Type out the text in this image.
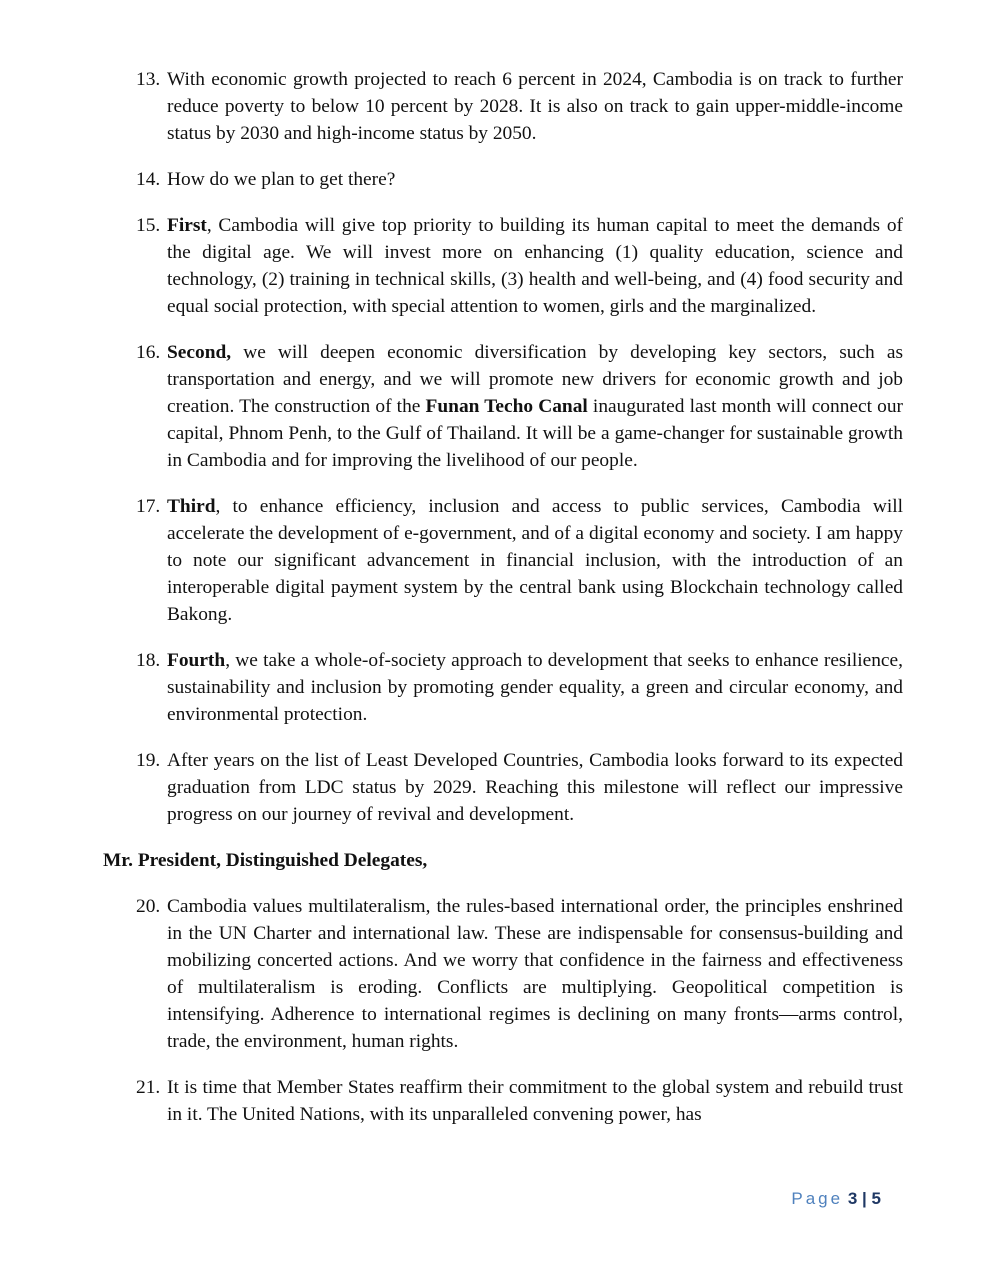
13. With economic growth projected to reach 6 percent in 2024, Cambodia is on track to further reduce poverty to below 10 percent by 2028. It is also on track to gain upper-middle-income status by 2030 and high-income status by 2050.
14. How do we plan to get there?
15. First, Cambodia will give top priority to building its human capital to meet the demands of the digital age. We will invest more on enhancing (1) quality education, science and technology, (2) training in technical skills, (3) health and well-being, and (4) food security and equal social protection, with special attention to women, girls and the marginalized.
16. Second, we will deepen economic diversification by developing key sectors, such as transportation and energy, and we will promote new drivers for economic growth and job creation. The construction of the Funan Techo Canal inaugurated last month will connect our capital, Phnom Penh, to the Gulf of Thailand. It will be a game-changer for sustainable growth in Cambodia and for improving the livelihood of our people.
17. Third, to enhance efficiency, inclusion and access to public services, Cambodia will accelerate the development of e-government, and of a digital economy and society. I am happy to note our significant advancement in financial inclusion, with the introduction of an interoperable digital payment system by the central bank using Blockchain technology called Bakong.
18. Fourth, we take a whole-of-society approach to development that seeks to enhance resilience, sustainability and inclusion by promoting gender equality, a green and circular economy, and environmental protection.
19. After years on the list of Least Developed Countries, Cambodia looks forward to its expected graduation from LDC status by 2029. Reaching this milestone will reflect our impressive progress on our journey of revival and development.
Mr. President, Distinguished Delegates,
20. Cambodia values multilateralism, the rules-based international order, the principles enshrined in the UN Charter and international law. These are indispensable for consensus-building and mobilizing concerted actions. And we worry that confidence in the fairness and effectiveness of multilateralism is eroding. Conflicts are multiplying. Geopolitical competition is intensifying. Adherence to international regimes is declining on many fronts—arms control, trade, the environment, human rights.
21. It is time that Member States reaffirm their commitment to the global system and rebuild trust in it. The United Nations, with its unparalleled convening power, has
Page 3 | 5
